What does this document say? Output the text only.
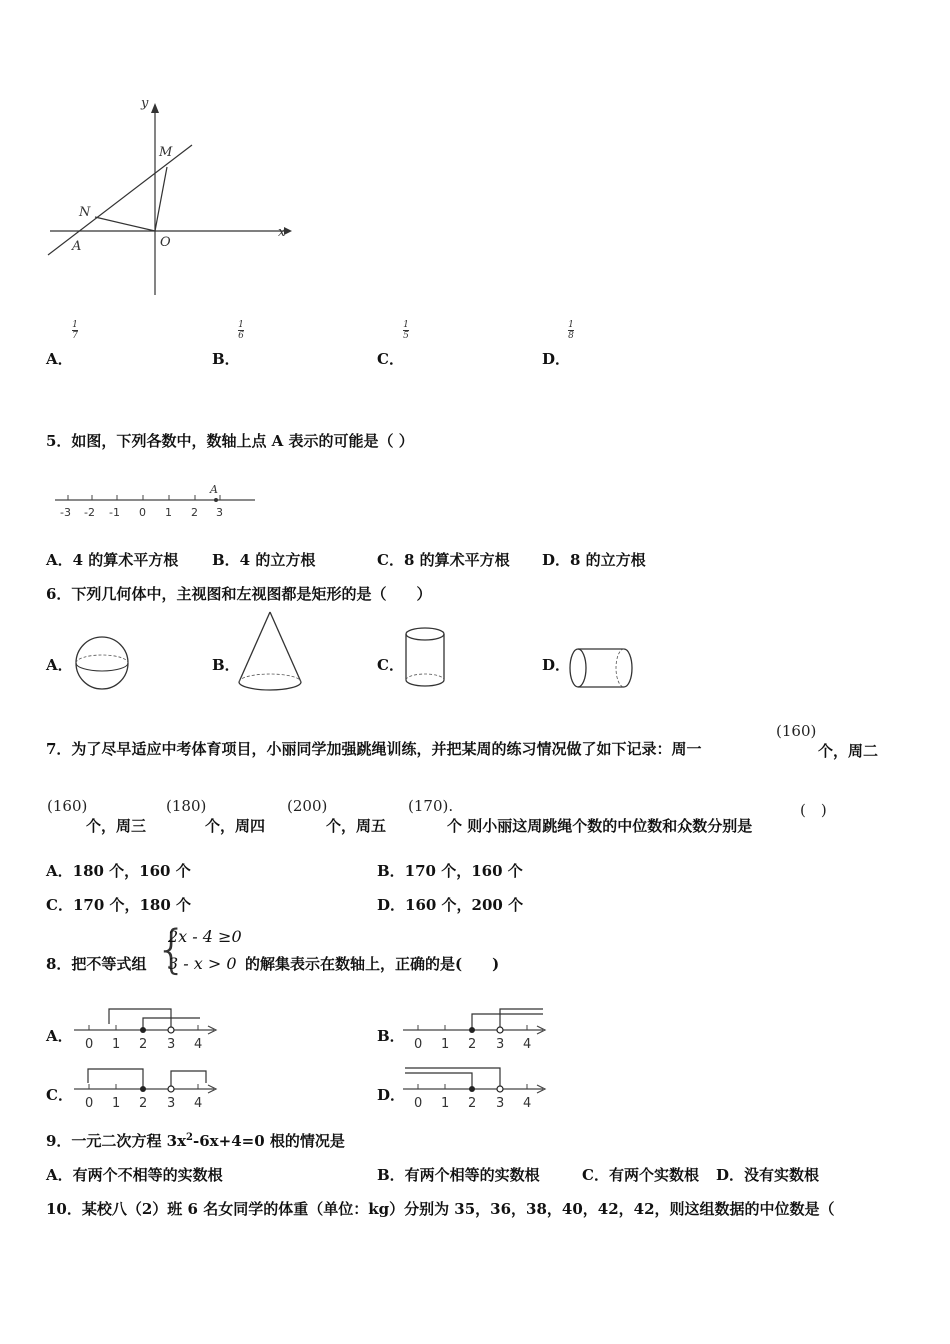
y
x
M
N
A	O
A．
1
7
B．
1
6
C．
1
5
D．
1
8
5．如图，下列各数中，数轴上点 A 表示的可能是（ ）
A
-3 -2 -1 0 1 2 3
A．4 的算术平方根 B．4 的立方根	C．8 的算术平方根 D．8 的立方根
6．下列几何体中，主视图和左视图都是矩形的是（　　）
A．	B．	C．	D．
7．为了尽早适应中考体育项目，小丽同学加强跳绳训练，并把某周的练习情况做了如下记录：周一
(160)
个，周二
(160)
个，周三
(180)
个，周四
(200)
个，周五
(170).
个 则小丽这周跳绳个数的中位数和众数分别是
(　)
A．180 个，160 个	B．170 个，160 个
C．170 个，180 个	D．160 个，200 个
8．把不等式组 {
2x - 4 ≥0
3 - x > 0 的解集表示在数轴上，正确的是(　　)
A． 0 1 2 3 4	B． 0 1 2 3 4
C． 0 1 2 3 4	D． 0 1 2 3 4
9．一元二次方程 $3x^2-6x+4=0$ 根的情况是
A．有两个不相等的实数根	B．有两个相等的实数根	C．有两个实数根 D．没有实数根
10．某校八（2）班 6 名女同学的体重（单位：kg）分别为 35，36，38，40，42，42，则这组数据的中位数是（
